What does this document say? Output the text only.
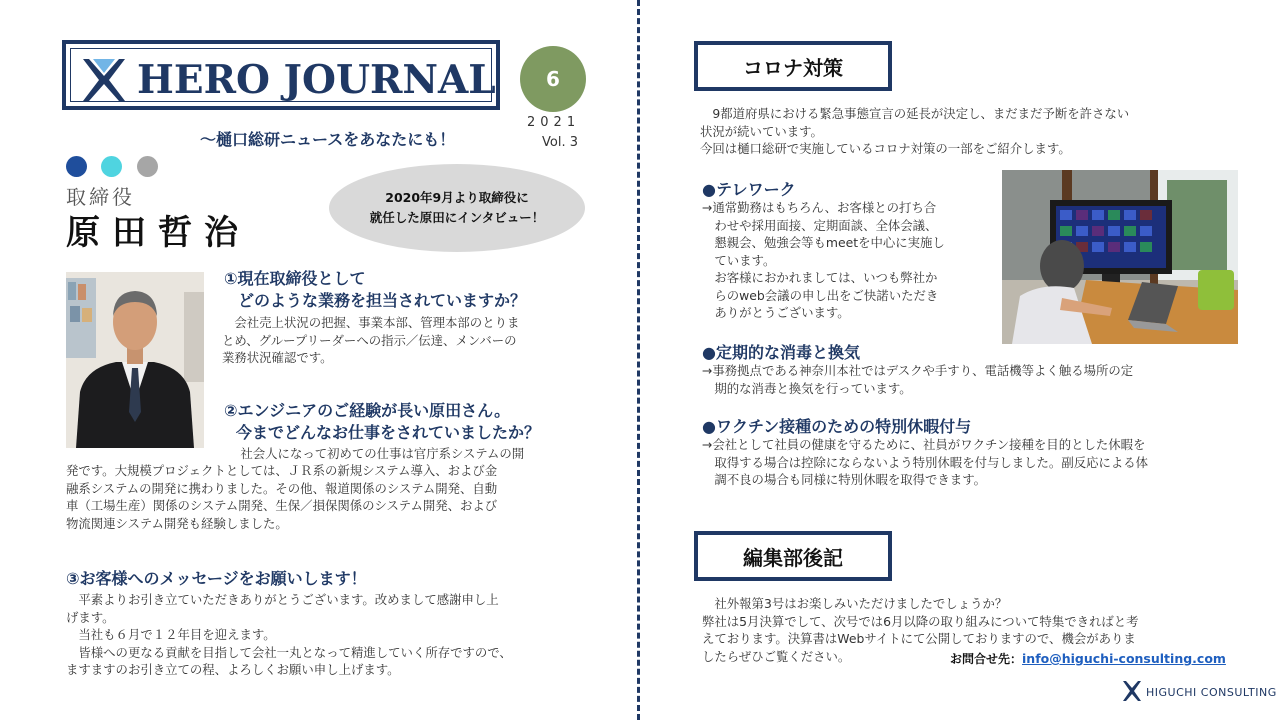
HERO JOURNAL	6
～樋口総研ニュースをあなたにも！
2021
Vol. 3
取締役
原田哲治
2020年9月より取締役に
就任した原田にインタビュー！
①現在取締役として
どのような業務を担当されていますか？
　会社売上状況の把握、事業本部、管理本部のとりま
とめ、グループリーダーへの指示／伝達、メンバーの
業務状況確認です。
②エンジニアのご経験が長い原田さん。
今までどんなお仕事をされていましたか？
　社会人になって初めての仕事は官庁系システムの開
発です。大規模プロジェクトとしては、ＪＲ系の新規システム導入、および金
融系システムの開発に携わりました。その他、報道関係のシステム開発、自動
車（工場生産）関係のシステム開発、生保／損保関係のシステム開発、および
物流関連システム開発も経験しました。
③お客様へのメッセージをお願いします！
　平素よりお引き立ていただきありがとうございます。改めまして感謝申し上
げます。
　当社も６月で１２年目を迎えます。
　皆様への更なる貢献を目指して会社一丸となって精進していく所存ですので、
ますますのお引き立ての程、よろしくお願い申し上げます。
コロナ対策
　9都道府県における緊急事態宣言の延長が決定し、まだまだ予断を許さない
状況が続いています。
今回は樋口総研で実施しているコロナ対策の一部をご紹介します。
●テレワーク
→通常勤務はもちろん、お客様との打ち合
　わせや採用面接、定期面談、全体会議、
　懇親会、勉強会等もmeetを中心に実施し
　ています。
　お客様におかれましては、いつも弊社か
　らのweb会議の申し出をご快諾いただき
　ありがとうございます。
●定期的な消毒と換気
→事務拠点である神奈川本社ではデスクや手すり、電話機等よく触る場所の定
　期的な消毒と換気を行っています。
●ワクチン接種のための特別休暇付与
→会社として社員の健康を守るために、社員がワクチン接種を目的とした休暇を
　取得する場合は控除にならないよう特別休暇を付与しました。副反応による体
　調不良の場合も同様に特別休暇を取得できます。
編集部後記
　社外報第3号はお楽しみいただけましたでしょうか？
弊社は5月決算でして、次号では6月以降の取り組みについて特集できればと考
えております。決算書はWebサイトにて公開しておりますので、機会がありま
したらぜひご覧ください。	お問合せ先：info@higuchi-consulting.com
HIGUCHI CONSULTING
